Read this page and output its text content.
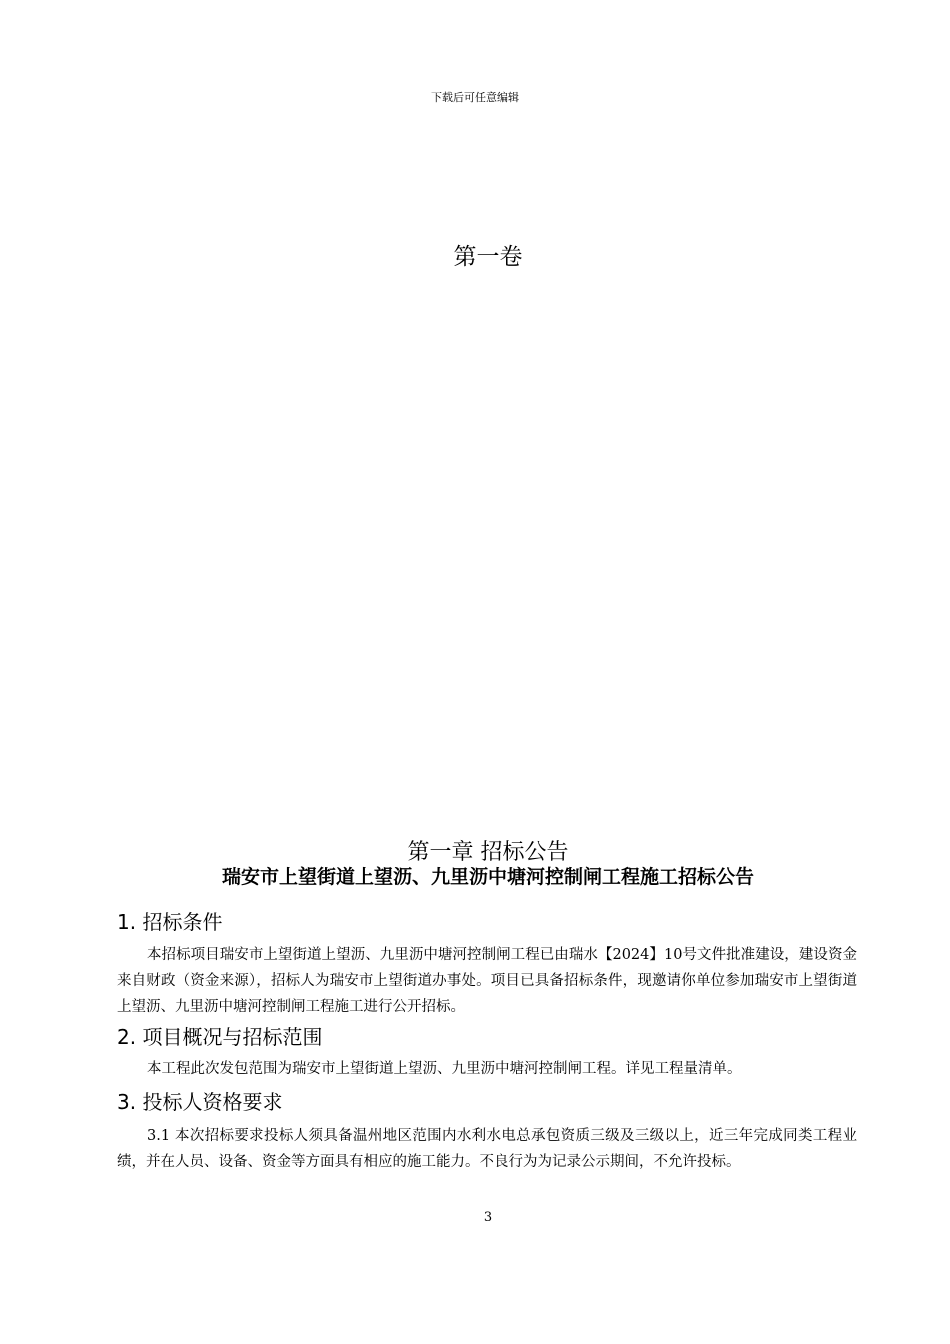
下载后可任意编辑
第一卷
第一章 招标公告
瑞安市上望街道上望沥、九里沥中塘河控制闸工程施工招标公告
1. 招标条件
本招标项目瑞安市上望街道上望沥、九里沥中塘河控制闸工程已由瑞水【2024】10号文件批准建设，建设资金来自财政（资金来源），招标人为瑞安市上望街道办事处。项目已具备招标条件，现邀请你单位参加瑞安市上望街道上望沥、九里沥中塘河控制闸工程施工进行公开招标。
2. 项目概况与招标范围
本工程此次发包范围为瑞安市上望街道上望沥、九里沥中塘河控制闸工程。详见工程量清单。
3. 投标人资格要求
3.1 本次招标要求投标人须具备温州地区范围内水利水电总承包资质三级及三级以上，近三年完成同类工程业绩，并在人员、设备、资金等方面具有相应的施工能力。不良行为为记录公示期间，不允许投标。
3
